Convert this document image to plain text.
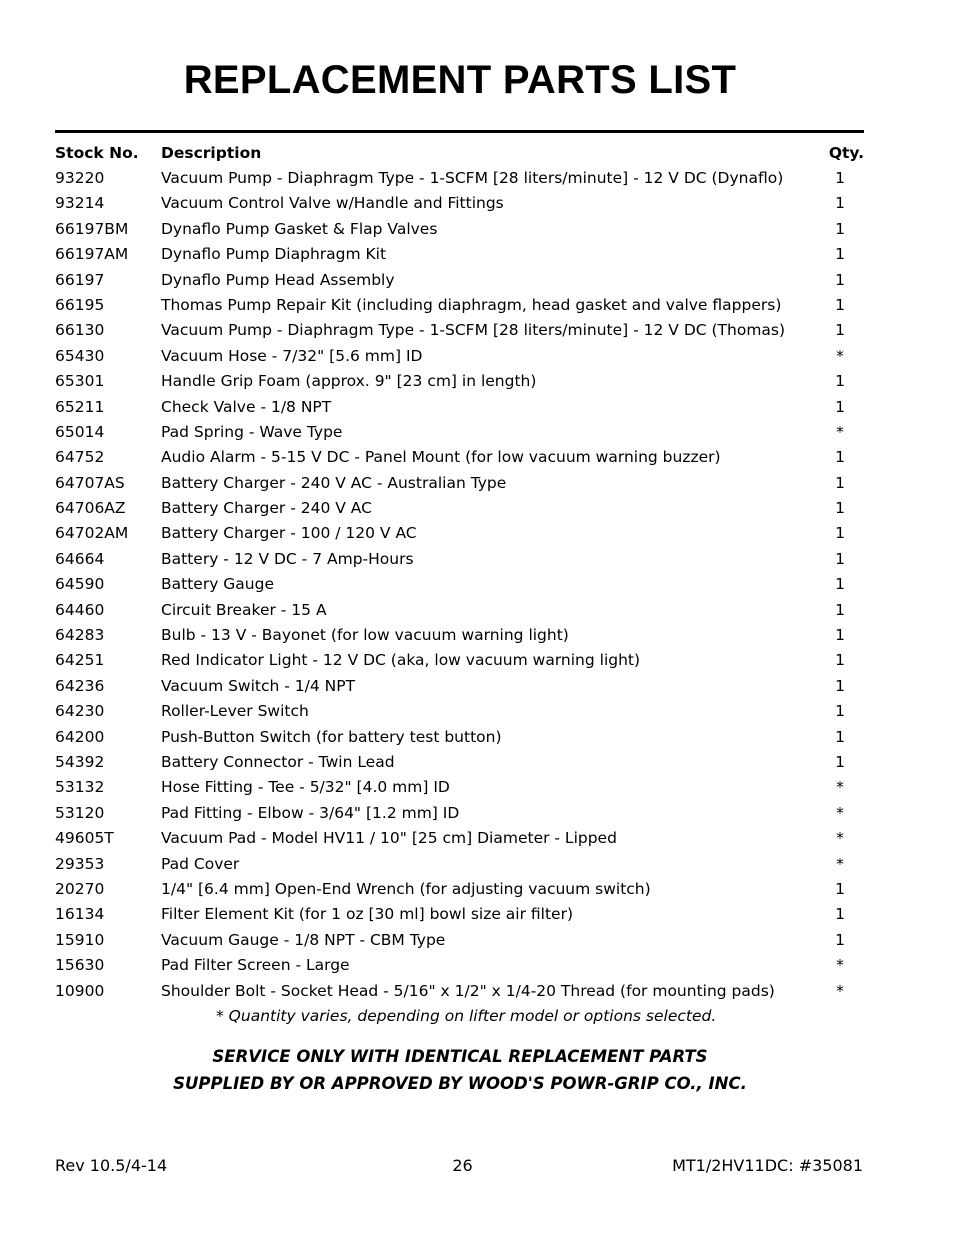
REPLACEMENT PARTS LIST
Stock No. Description	Qty.
93220	Vacuum Pump - Diaphragm Type - 1-SCFM [28 liters/minute] - 12 V DC (Dynaflo)	1
93214	Vacuum Control Valve w/Handle and Fittings	1
66197BM Dynaflo Pump Gasket & Flap Valves	1
66197AM Dynaflo Pump Diaphragm Kit	1
66197	Dynaflo Pump Head Assembly	1
66195	Thomas Pump Repair Kit (including diaphragm, head gasket and valve flappers)	1
66130	Vacuum Pump - Diaphragm Type - 1-SCFM [28 liters/minute] - 12 V DC (Thomas)	1
65430	Vacuum Hose - 7/32" [5.6 mm] ID	*
65301	Handle Grip Foam (approx. 9" [23 cm] in length)	1
65211	Check Valve - 1/8 NPT	1
65014	Pad Spring - Wave Type	*
64752	Audio Alarm - 5-15 V DC - Panel Mount (for low vacuum warning buzzer)	1
64707AS Battery Charger - 240 V AC - Australian Type	1
64706AZ Battery Charger - 240 V AC	1
64702AM Battery Charger - 100 / 120 V AC	1
64664	Battery - 12 V DC - 7 Amp-Hours	1
64590	Battery Gauge	1
64460	Circuit Breaker - 15 A	1
64283	Bulb - 13 V - Bayonet (for low vacuum warning light)	1
64251	Red Indicator Light - 12 V DC (aka, low vacuum warning light)	1
64236	Vacuum Switch - 1/4 NPT	1
64230	Roller-Lever Switch	1
64200	Push-Button Switch (for battery test button)	1
54392	Battery Connector - Twin Lead	1
53132	Hose Fitting - Tee - 5/32" [4.0 mm] ID	*
53120	Pad Fitting - Elbow - 3/64" [1.2 mm] ID	*
49605T	Vacuum Pad - Model HV11 / 10" [25 cm] Diameter - Lipped	*
29353	Pad Cover	*
20270	1/4" [6.4 mm] Open-End Wrench (for adjusting vacuum switch)	1
16134	Filter Element Kit (for 1 oz [30 ml] bowl size air filter)	1
15910	Vacuum Gauge - 1/8 NPT - CBM Type	1
15630	Pad Filter Screen - Large	*
10900	Shoulder Bolt - Socket Head - 5/16" x 1/2" x 1/4-20 Thread (for mounting pads)	*
* Quantity varies, depending on lifter model or options selected.
SERVICE ONLY WITH IDENTICAL REPLACEMENT PARTS
SUPPLIED BY OR APPROVED BY WOOD'S POWR-GRIP CO., INC.
Rev 10.5/4-14	26	MT1/2HV11DC: #35081
